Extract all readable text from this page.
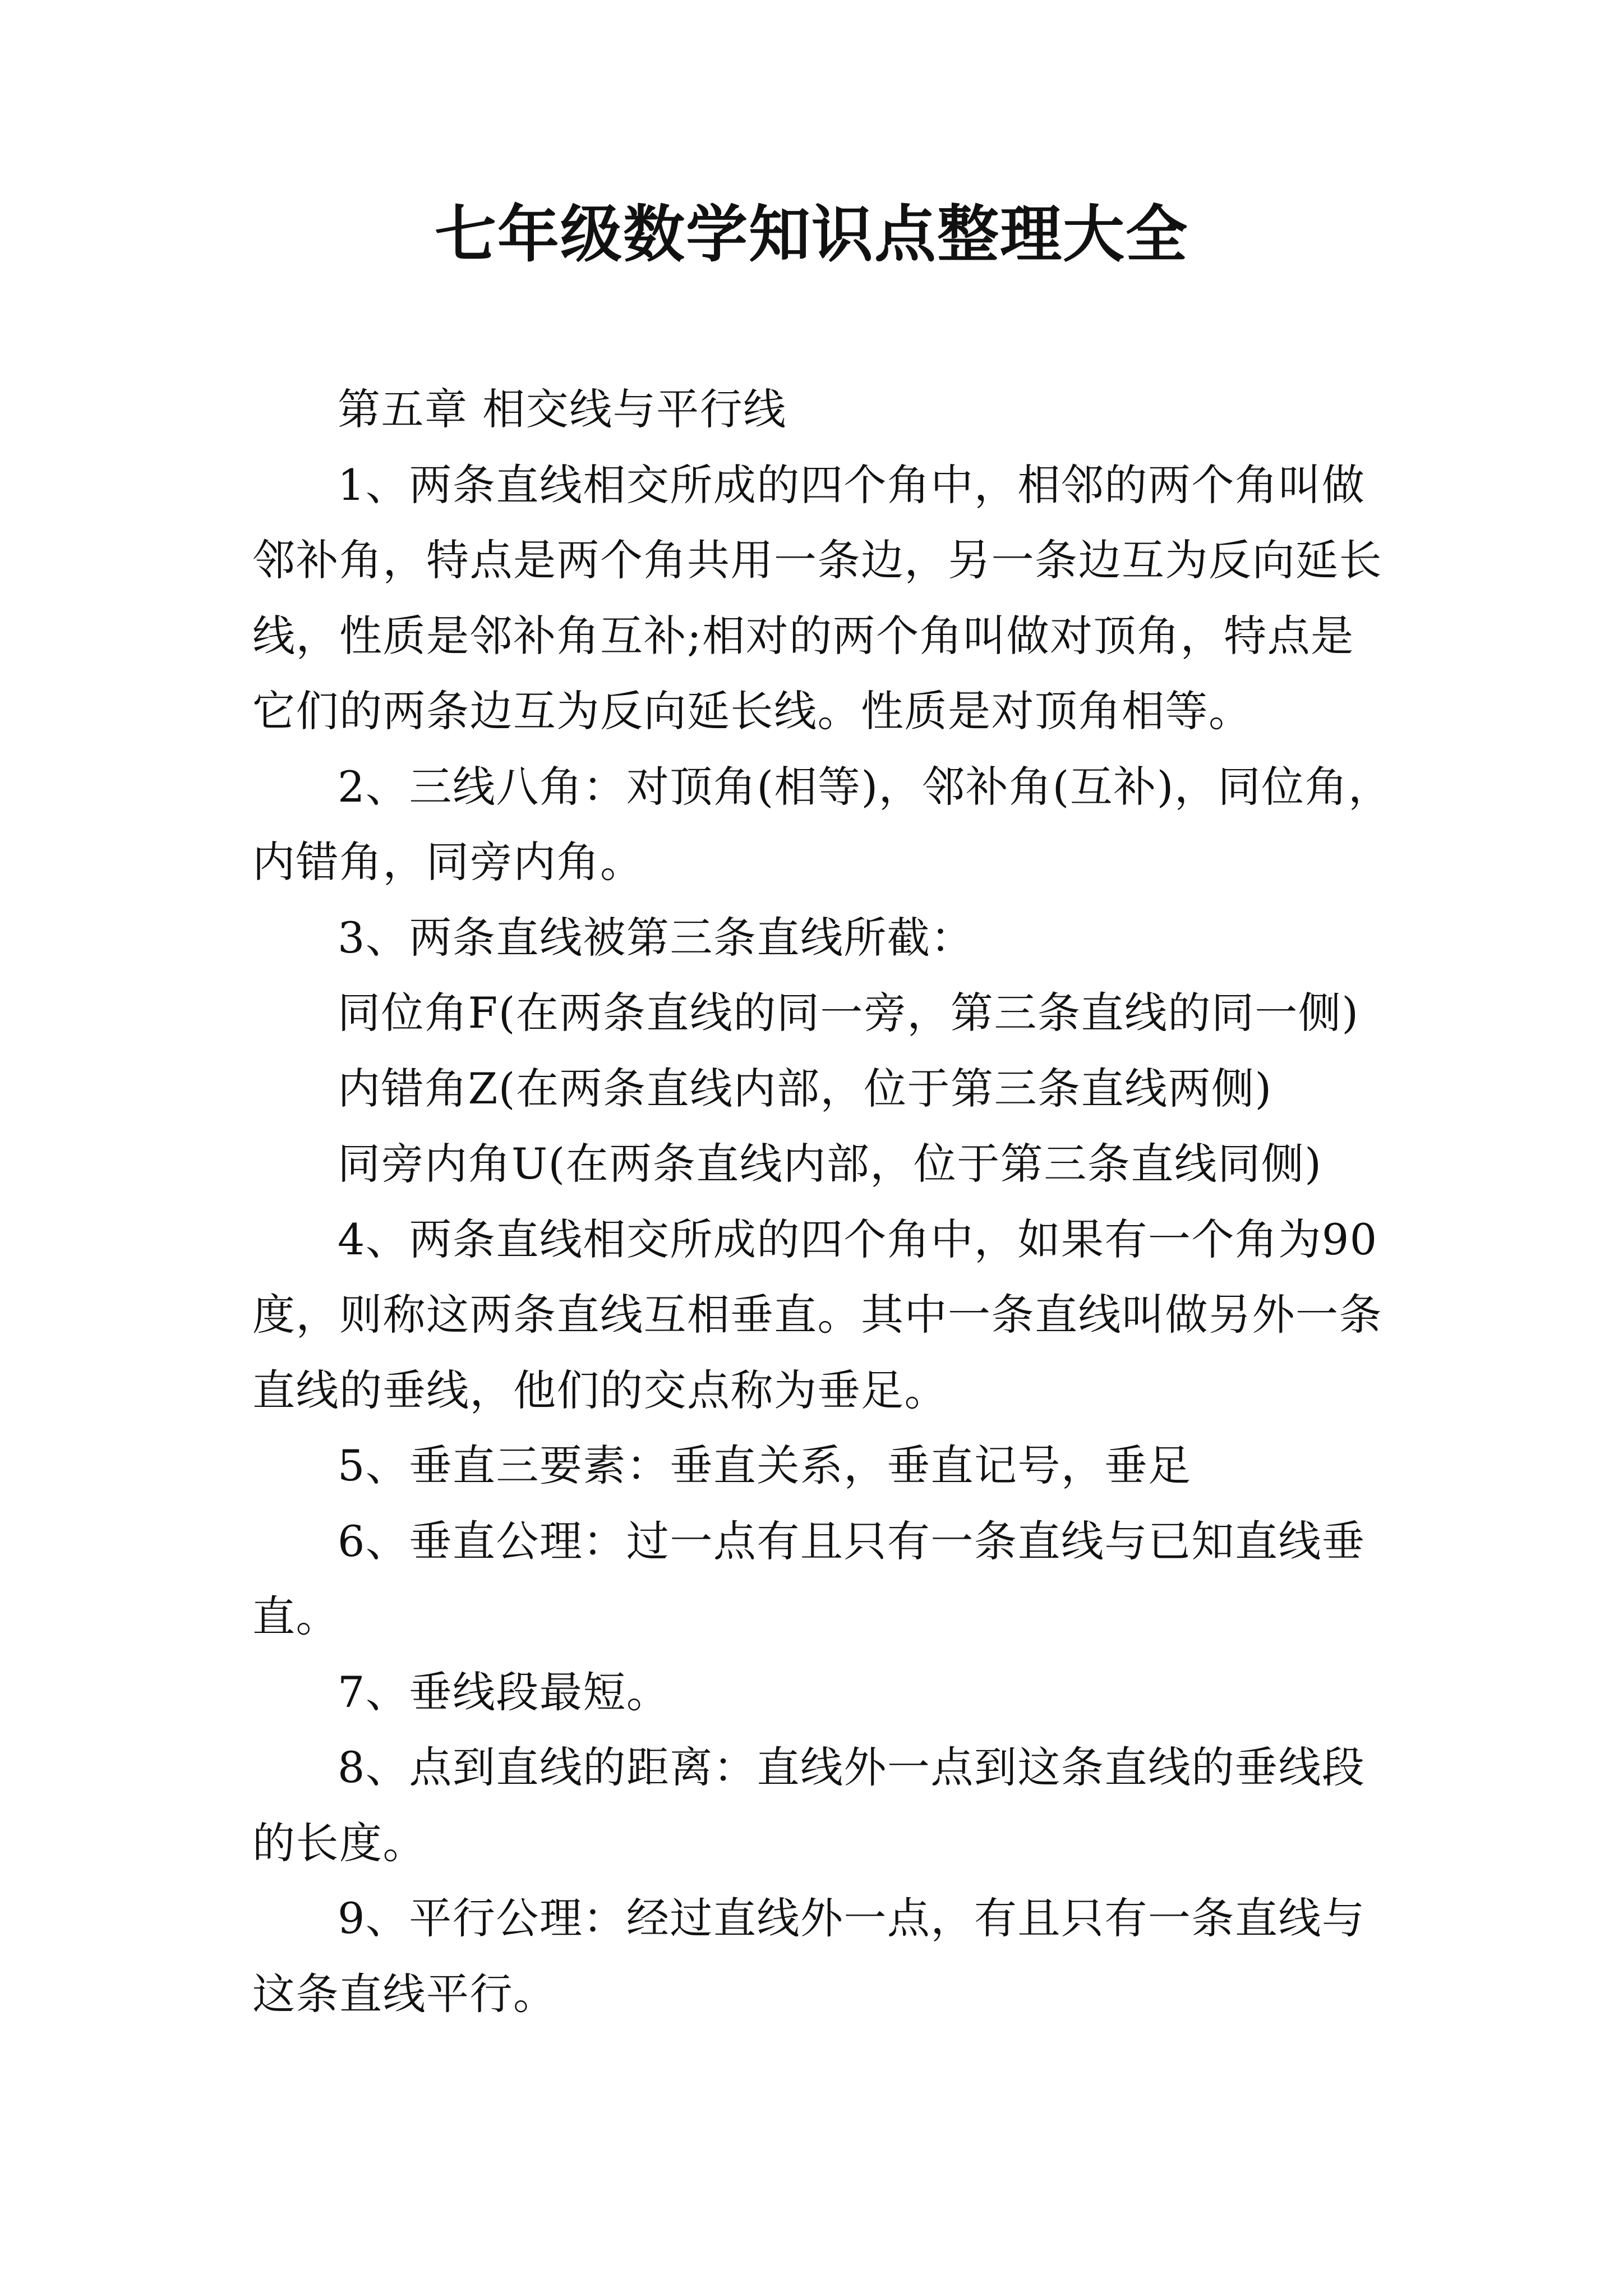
七年级数学知识点整理大全

第五章 相交线与平行线

1、两条直线相交所成的四个角中，相邻的两个角叫做邻补角，特点是两个角共用一条边，另一条边互为反向延长线，性质是邻补角互补;相对的两个角叫做对顶角，特点是它们的两条边互为反向延长线。性质是对顶角相等。

2、三线八角：对顶角(相等)，邻补角(互补)，同位角，内错角，同旁内角。

3、两条直线被第三条直线所截：

同位角F(在两条直线的同一旁，第三条直线的同一侧)

内错角Z(在两条直线内部，位于第三条直线两侧)

同旁内角U(在两条直线内部，位于第三条直线同侧)

4、两条直线相交所成的四个角中，如果有一个角为90度，则称这两条直线互相垂直。其中一条直线叫做另外一条直线的垂线，他们的交点称为垂足。

5、垂直三要素：垂直关系，垂直记号，垂足

6、垂直公理：过一点有且只有一条直线与已知直线垂直。

7、垂线段最短。

8、点到直线的距离：直线外一点到这条直线的垂线段的长度。

9、平行公理：经过直线外一点，有且只有一条直线与这条直线平行。
